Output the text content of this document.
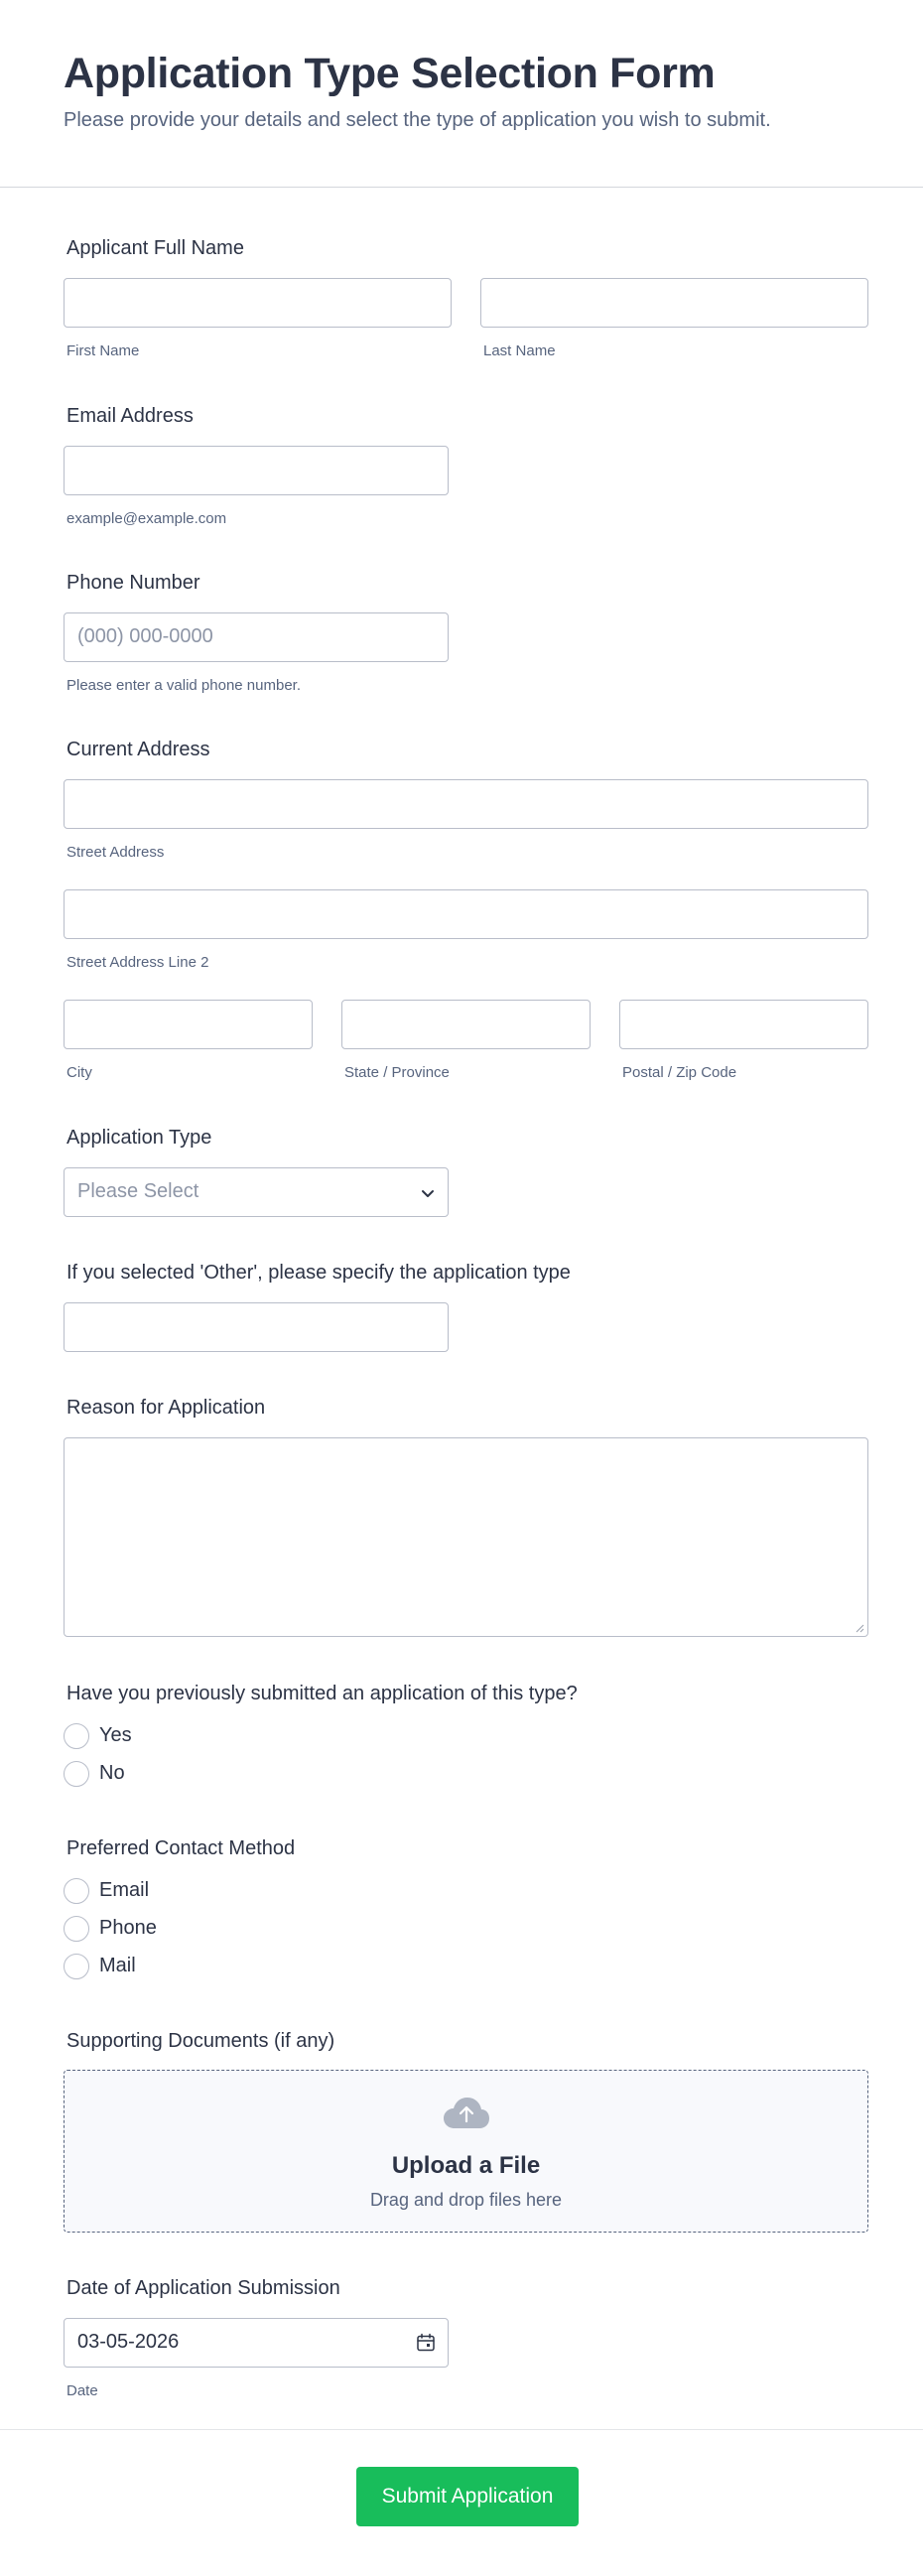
Application Type Selection Form
Please provide your details and select the type of application you wish to submit.
Applicant Full Name
First Name	Last Name
Email Address
example@example.com
Phone Number
(000) 000-0000
Please enter a valid phone number.
Current Address
Street Address
Street Address Line 2
City	State / Province	Postal / Zip Code
Application Type
Please Select
If you selected 'Other', please specify the application type
Reason for Application
Have you previously submitted an application of this type?
Yes
No
Preferred Contact Method
Email
Phone
Mail
Supporting Documents (if any)
Upload a File
Drag and drop files here
Date of Application Submission
03-05-2026
Date
Submit Application
